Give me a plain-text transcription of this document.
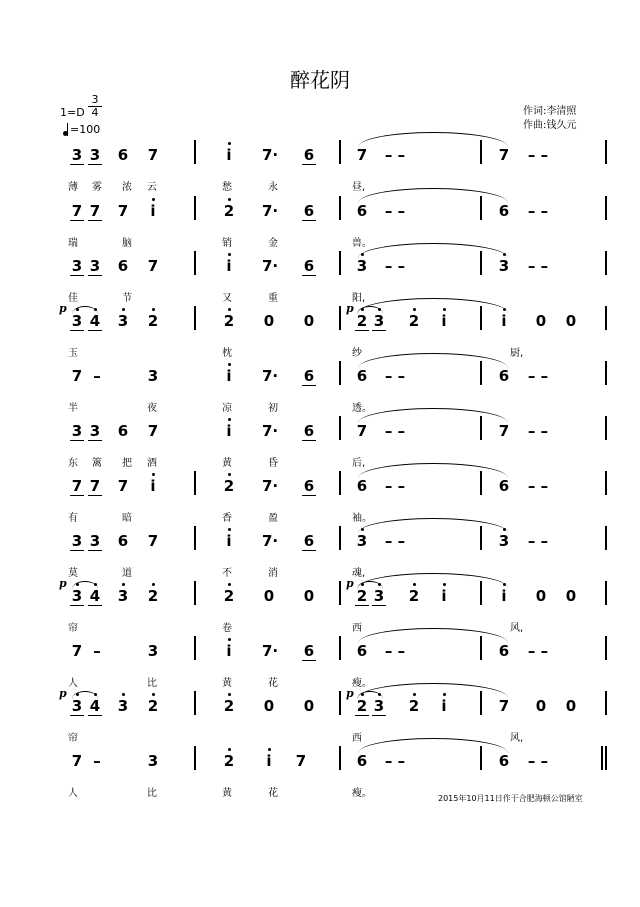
醉花阴
1=D
3
4
=100
作词:李清照
作曲:钱久元
3 3 6 7	i 7· 6	7	– –	7	– –
薄 雾 浓 云	愁	永	昼,
7 7 7 i	2 7· 6	6	– –	6	– –
瑞	脑	销	金	兽。
3 3 6 7	i 7· 6	3	– –	3	– –
佳	节	又	重	阳,
3 4 3 2	2 0 0	2 3 2 i	i 0 0
玉	枕	纱	厨,
p	p
7 –	3	i 7· 6	6	– –	6	– –
半	夜	凉	初	透。
3 3 6 7	i 7· 6	7	– –	7	– –
东 篱 把 酒	黄	昏	后,
7 7 7 i	2 7· 6	6	– –	6	– –
有	暗	香	盈	袖。
3 3 6 7	i 7· 6	3	– –	3	– –
莫	道	不	消	魂,
3 4 3 2	2 0 0	2 3 2 i	i 0 0
帘	卷	西	风,
p	p
7 –	3	i 7· 6	6	– –	6	– –
人	比	黄	花	瘦。
3 4 3 2	2 0 0	2 3 2 i	7 0 0
帘	西	风,
p	p
7 –	3	2 i 7	6	– –	6	– –
人	比	黄	花	瘦。	2015年10月11日作于合肥海顿公馆陋室
